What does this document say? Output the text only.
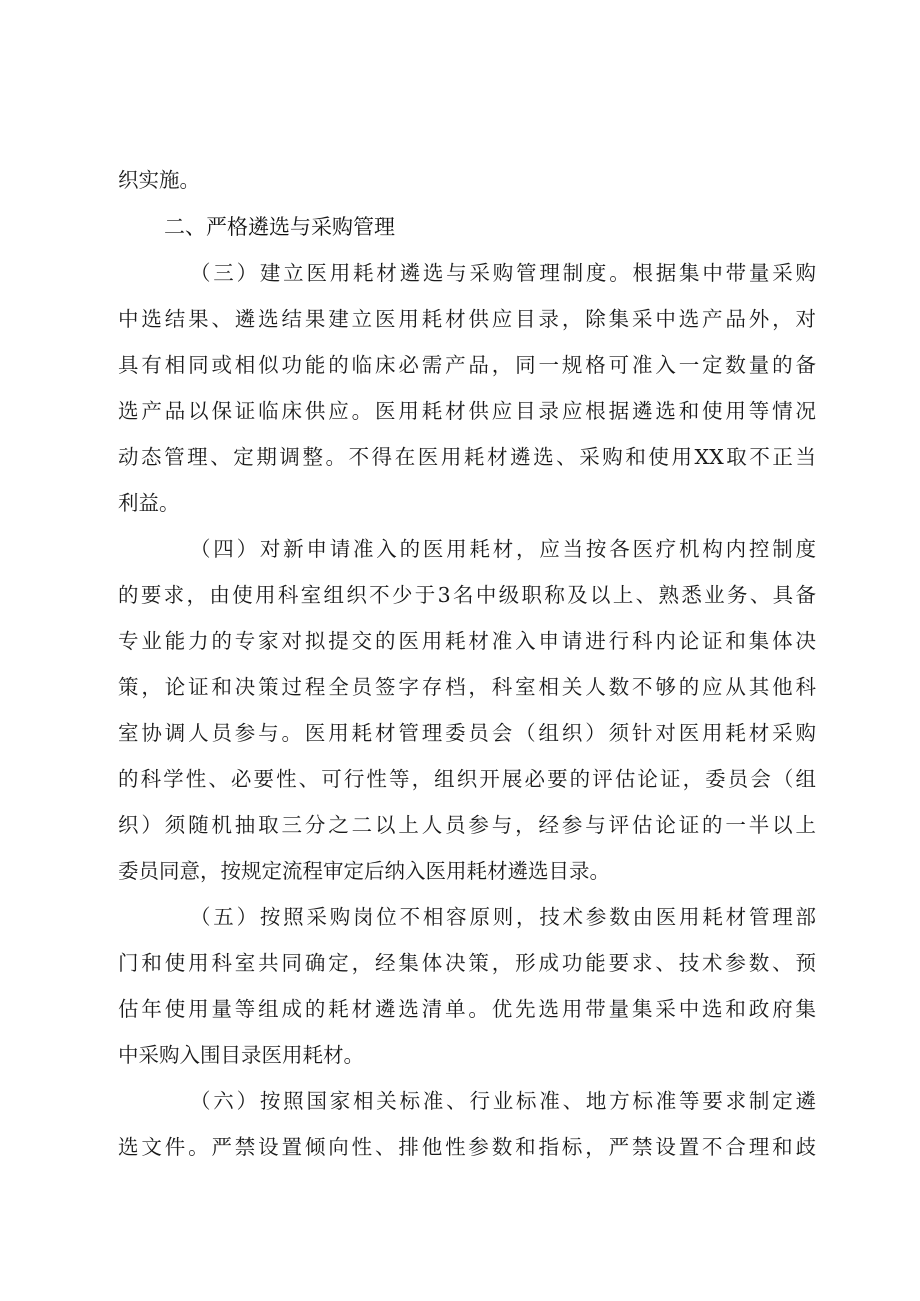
织实施。
二、严格遴选与采购管理
（三）建立医用耗材遴选与采购管理制度。根据集中带量采购
中选结果、遴选结果建立医用耗材供应目录，除集采中选产品外，对
具有相同或相似功能的临床必需产品，同一规格可准入一定数量的备
选产品以保证临床供应。医用耗材供应目录应根据遴选和使用等情况
动态管理、定期调整。不得在医用耗材遴选、采购和使用XX取不正当
利益。
（四）对新申请准入的医用耗材，应当按各医疗机构内控制度
的要求，由使用科室组织不少于3名中级职称及以上、熟悉业务、具备
专业能力的专家对拟提交的医用耗材准入申请进行科内论证和集体决
策，论证和决策过程全员签字存档，科室相关人数不够的应从其他科
室协调人员参与。医用耗材管理委员会（组织）须针对医用耗材采购
的科学性、必要性、可行性等，组织开展必要的评估论证，委员会（组
织）须随机抽取三分之二以上人员参与，经参与评估论证的一半以上
委员同意，按规定流程审定后纳入医用耗材遴选目录。
（五）按照采购岗位不相容原则，技术参数由医用耗材管理部
门和使用科室共同确定，经集体决策，形成功能要求、技术参数、预
估年使用量等组成的耗材遴选清单。优先选用带量集采中选和政府集
中采购入围目录医用耗材。
（六）按照国家相关标准、行业标准、地方标准等要求制定遴
选文件。严禁设置倾向性、排他性参数和指标，严禁设置不合理和歧
